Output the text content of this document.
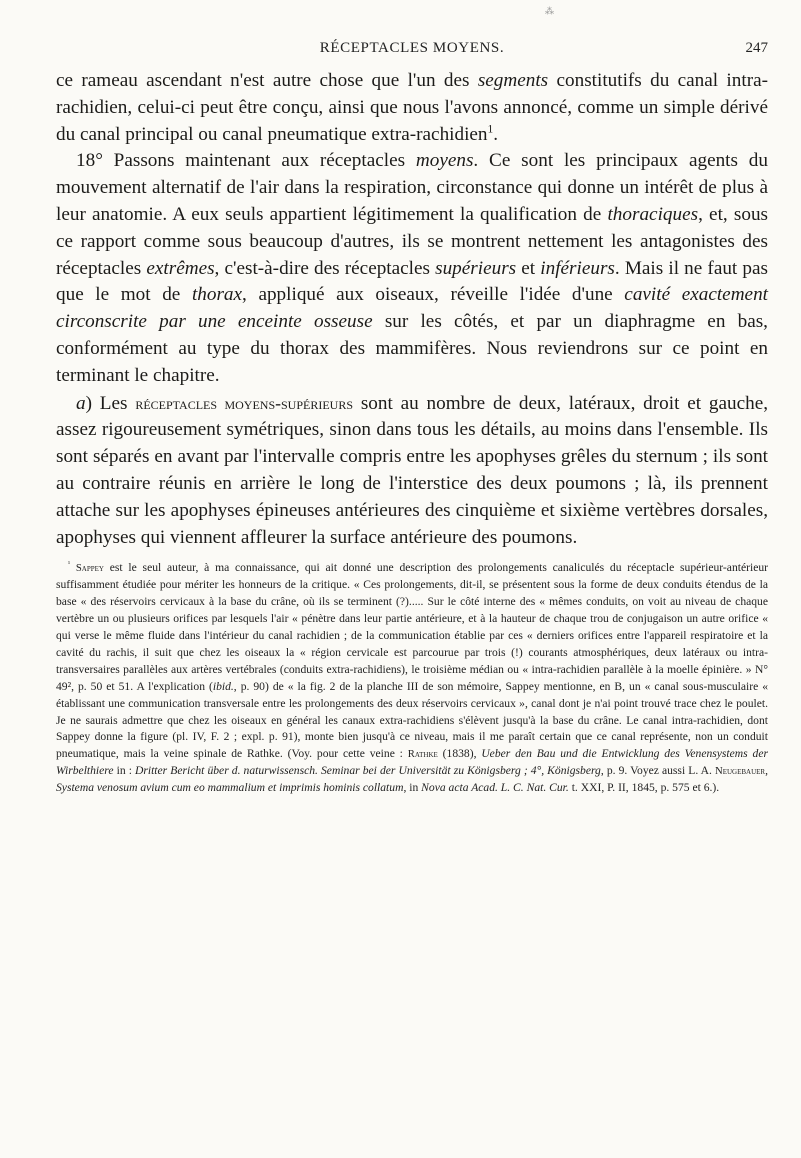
⁂
RÉCEPTACLES MOYENS.	247

ce rameau ascendant n'est autre chose que l'un des segments constitutifs du canal intra-rachidien, celui-ci peut être conçu, ainsi que nous l'avons annoncé, comme un simple dérivé du canal principal ou canal pneumatique extra-rachidien$^1$.

18° Passons maintenant aux réceptacles moyens. Ce sont les principaux agents du mouvement alternatif de l'air dans la respiration, circonstance qui donne un intérêt de plus à leur anatomie. A eux seuls appartient légitimement la qualification de thoraciques, et, sous ce rapport comme sous beaucoup d'autres, ils se montrent nettement les antagonistes des réceptacles extrêmes, c'est-à-dire des réceptacles supérieurs et inférieurs. Mais il ne faut pas que le mot de thorax, appliqué aux oiseaux, réveille l'idée d'une cavité exactement circonscrite par une enceinte osseuse sur les côtés, et par un diaphragme en bas, conformément au type du thorax des mammifères. Nous reviendrons sur ce point en terminant le chapitre.

a) Les réceptacles moyens-supérieurs sont au nombre de deux, latéraux, droit et gauche, assez rigoureusement symétriques, sinon dans tous les détails, au moins dans l'ensemble. Ils sont séparés en avant par l'intervalle compris entre les apophyses grêles du sternum ; ils sont au contraire réunis en arrière le long de l'interstice des deux poumons ; là, ils prennent attache sur les apophyses épineuses antérieures des cinquième et sixième vertèbres dorsales, apophyses qui viennent affleurer la surface antérieure des poumons.

$^{^1}$ Sappey est le seul auteur, à ma connaissance, qui ait donné une description des prolongements canaliculés du réceptacle supérieur-antérieur suffisamment étudiée pour mériter les honneurs de la critique. « Ces prolongements, dit-il, se présentent sous la forme de deux conduits étendus de la base « des réservoirs cervicaux à la base du crâne, où ils se terminent (?)..... Sur le côté interne des « mêmes conduits, on voit au niveau de chaque vertèbre un ou plusieurs orifices par lesquels l'air « pénètre dans leur partie antérieure, et à la hauteur de chaque trou de conjugaison un autre orifice « qui verse le même fluide dans l'intérieur du canal rachidien ; de la communication établie par ces « derniers orifices entre l'appareil respiratoire et la cavité du rachis, il suit que chez les oiseaux la « région cervicale est parcourue par trois (!) courants atmosphériques, deux latéraux ou intra-transversaires parallèles aux artères vertébrales (conduits extra-rachidiens), le troisième médian ou « intra-rachidien parallèle à la moelle épinière. » N° 49², p. 50 et 51. A l'explication (ibid., p. 90) de « la fig. 2 de la planche III de son mémoire, Sappey mentionne, en B, un « canal sous-musculaire « établissant une communication transversale entre les prolongements des deux réservoirs cervicaux », canal dont je n'ai point trouvé trace chez le poulet. Je ne saurais admettre que chez les oiseaux en général les canaux extra-rachidiens s'élèvent jusqu'à la base du crâne. Le canal intra-rachidien, dont Sappey donne la figure (pl. IV, F. 2 ; expl. p. 91), monte bien jusqu'à ce niveau, mais il me paraît certain que ce canal représente, non un conduit pneumatique, mais la veine spinale de Rathke. (Voy. pour cette veine : Rathke (1838), Ueber den Bau und die Entwicklung des Venensystems der Wirbelthiere in : Dritter Bericht über d. naturwissensch. Seminar bei der Universität zu Königsberg ; 4°, Königsberg, p. 9. Voyez aussi L. A. Neugebauer, Systema venosum avium cum eo mammalium et imprimis hominis collatum, in Nova acta Acad. L. C. Nat. Cur. t. XXI, P. II, 1845, p. 575 et 6.).
